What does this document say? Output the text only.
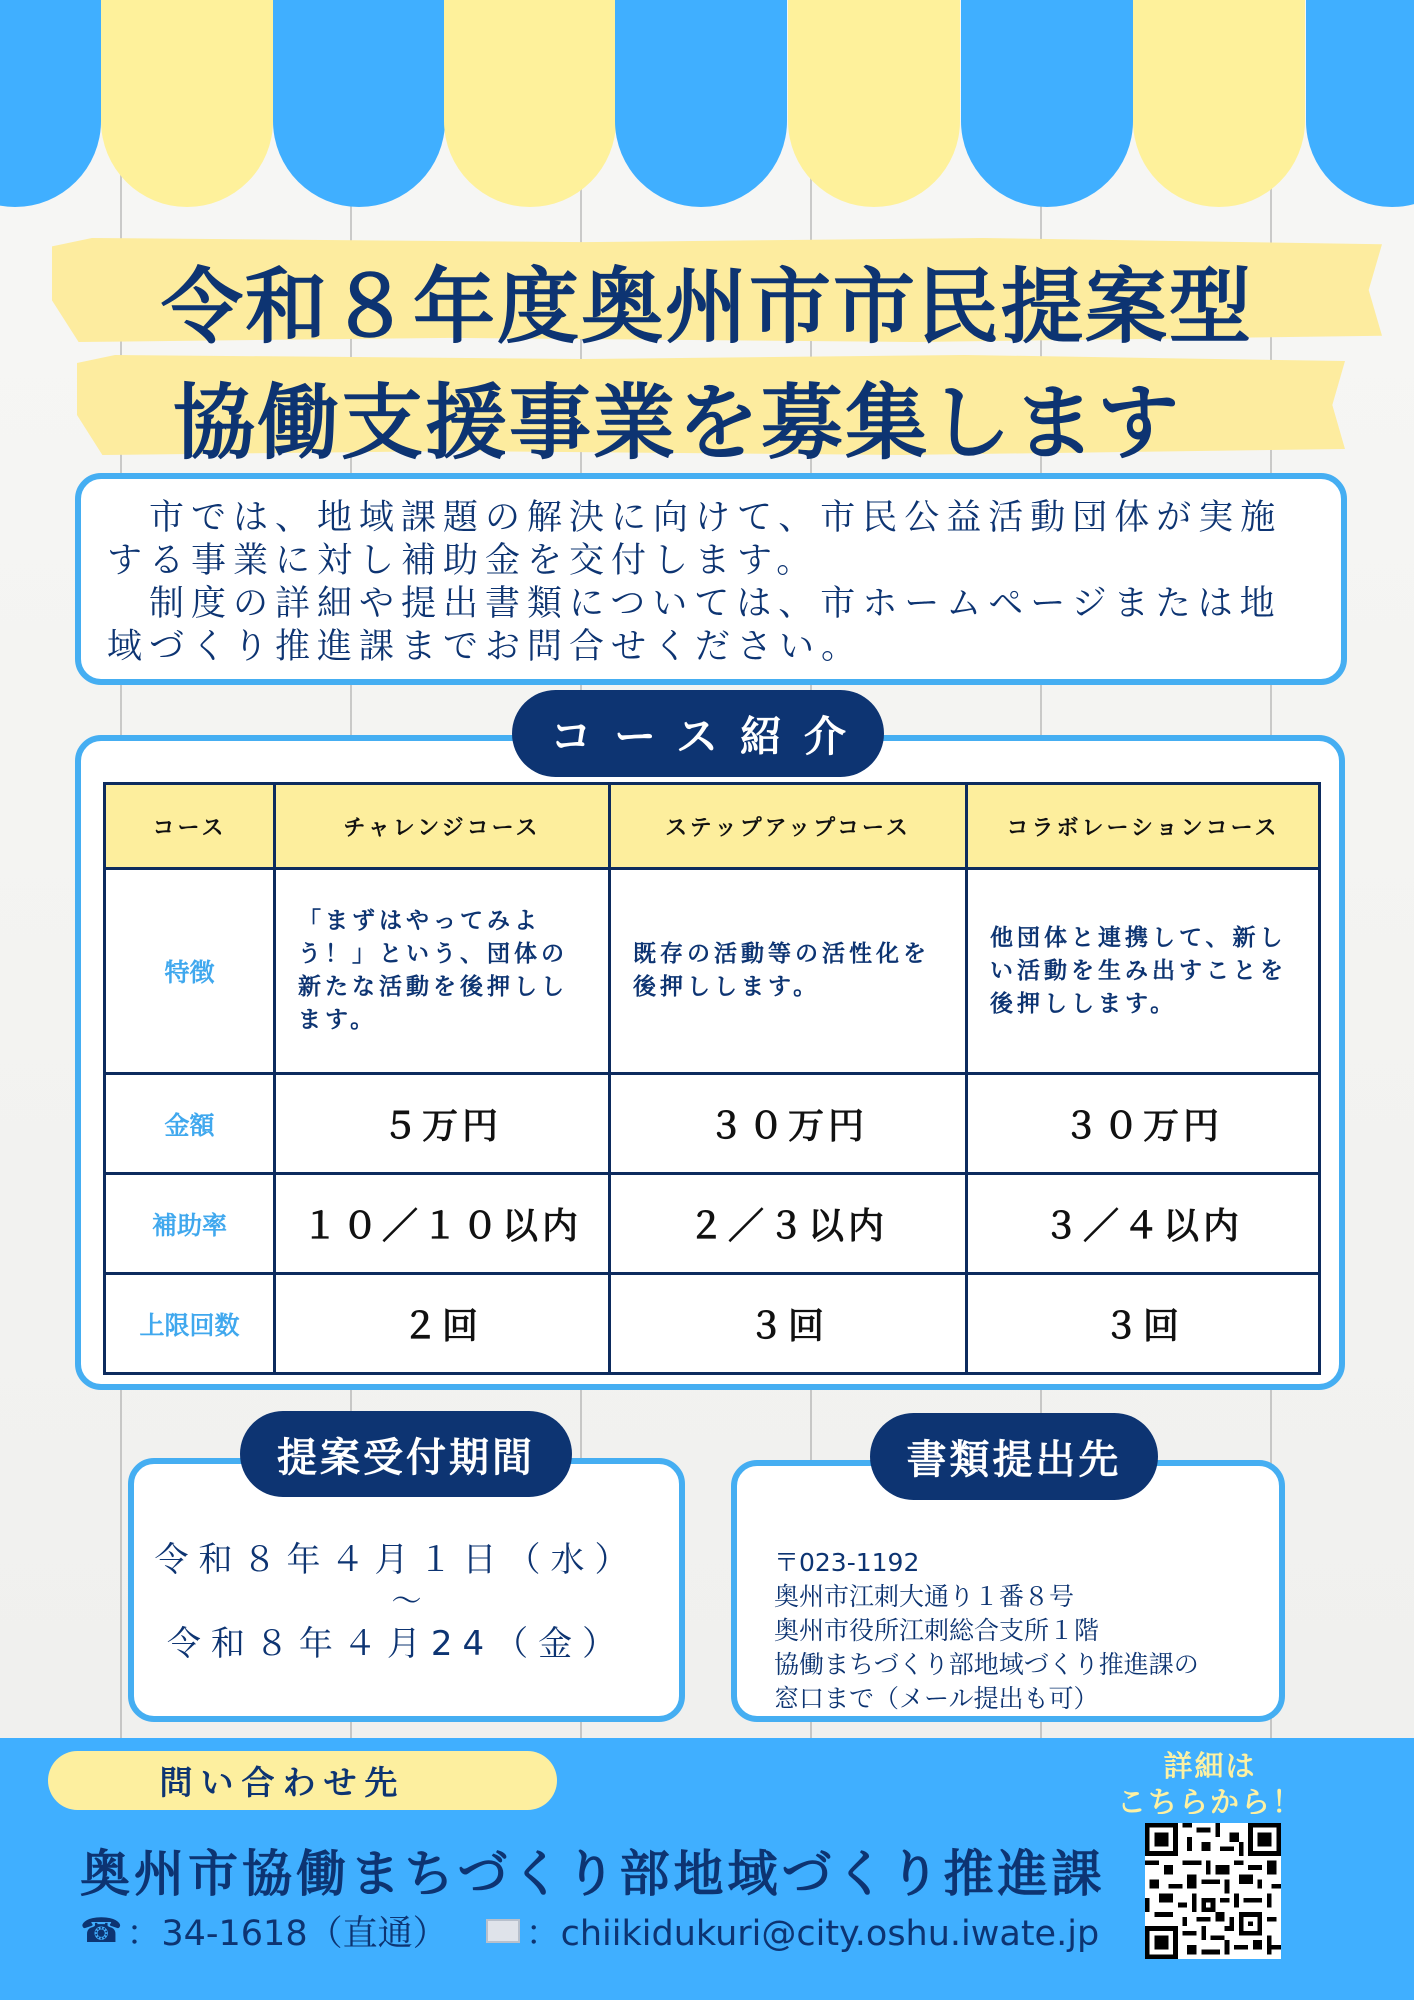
令和８年度奥州市市民提案型
協働支援事業を募集します

　市では、地域課題の解決に向けて、市民公益活動団体が実施する事業に対し補助金を交付します。

　制度の詳細や提出書類については、市ホームページまたは地域づくり推進課までお問合せください。

コース	チャレンジコース	ステップアップコース	コラボレーションコース
特徴	「まずはやってみよう！」という、団体の新たな活動を後押しします。	既存の活動等の活性化を後押しします。	他団体と連携して、新しい活動を生み出すことを後押しします。
金額	５万円	３０万円	３０万円
補助率	１０／１０以内	２／３以内	３／４以内
上限回数	２回	３回	３回
コース紹介
令和８年４月１日（水）
～
令和８年４月24（金）
提案受付期間
〒023-1192
奥州市江刺大通り１番８号
奥州市役所江刺総合支所１階
協働まちづくり部地域づくり推進課の
窓口まで（メール提出も可）
書類提出先
問い合わせ先
奥州市協働まちづくり部地域づくり推進課
☎ ：34-1618（直通） ：chiikidukuri@city.oshu.iwate.jp
詳細は
こちらから！
